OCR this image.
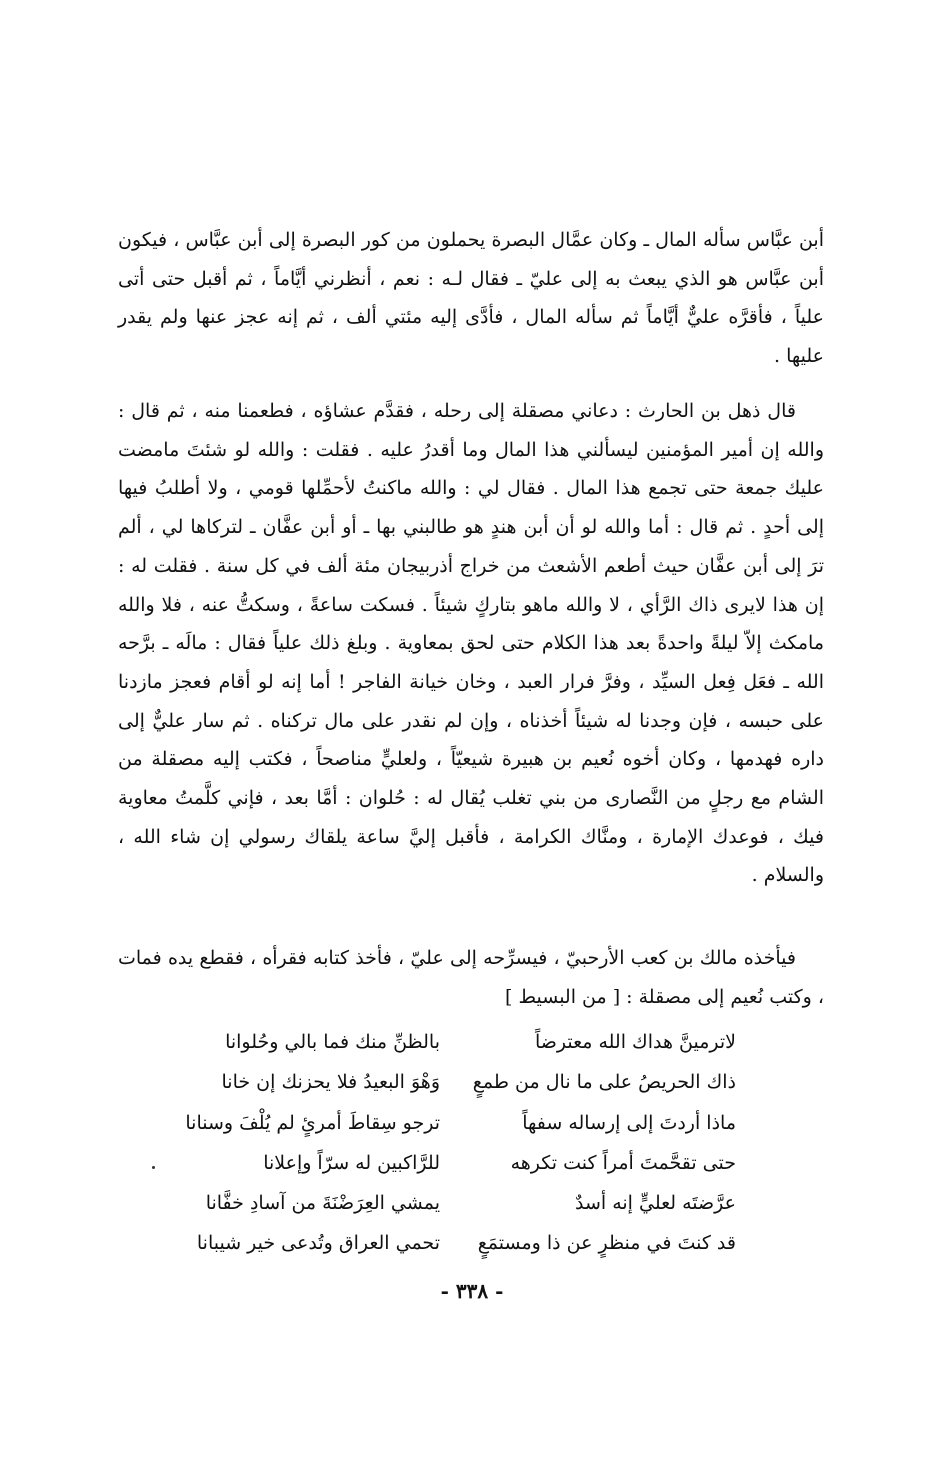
أبن عبَّاس سأله المال ـ وكان عمَّال البصرة يحملون من كور البصرة إلى أبن عبَّاس ، فيكون أبن عبَّاس هو الذي يبعث به إلى عليّ ـ فقال لـه : نعم ، أنظرني أيَّاماً ، ثم أقبل حتى أتى علياً ، فأقرَّه عليٌّ أيَّاماً ثم سأله المال ، فأدَّى إليه مئتي ألف ، ثم إنه عجز عنها ولم يقدر عليها .

قال ذهل بن الحارث : دعاني مصقلة إلى رحله ، فقدَّم عشاؤه ، فطعمنا منه ، ثم قال : والله إن أمير المؤمنين ليسألني هذا المال وما أقدرُ عليه . فقلت : والله لو شئتَ مامضت عليك جمعة حتى تجمع هذا المال . فقال لي : والله ماكنتُ لأحمِّلها قومي ، ولا أطلبُ فيها إلى أحدٍ . ثم قال : أما والله لو أن أبن هندٍ هو طالبني بها ـ أو أبن عفَّان ـ لتركاها لي ، ألم ترَ إلى أبن عفَّان حيث أطعم الأشعث من خراج أذربيجان مئة ألف في كل سنة . فقلت له : إن هذا لايرى ذاك الرَّأي ، لا والله ماهو بتاركٍ شيئاً . فسكت ساعةً ، وسكتُّ عنه ، فلا والله مامكث إلاّ ليلةً واحدةً بعد هذا الكلام حتى لحق بمعاوية . وبلغ ذلك علياً فقال : مالَه ـ برَّحه الله ـ فعَل فِعل السيِّد ، وفرَّ فرار العبد ، وخان خيانة الفاجر ! أما إنه لو أقام فعجز مازدنا على حبسه ، فإن وجدنا له شيئاً أخذناه ، وإن لم نقدر على مال تركناه . ثم سار عليٌّ إلى داره فهدمها ، وكان أخوه نُعيم بن هبيرة شيعيّاً ، ولعليٍّ مناصحاً ، فكتب إليه مصقلة من الشام مع رجلٍ من النَّصارى من بني تغلب يُقال له : حُلوان : أمَّا بعد ، فإني كلَّمتُ معاوية فيك ، فوعدك الإمارة ، ومنَّاك الكرامة ، فأقبل إليَّ ساعة يلقاك رسولي إن شاء الله ، والسلام .

فيأخذه مالك بن كعب الأرحبيّ ، فيسرِّحه إلى عليّ ، فأخذ كتابه فقرأه ، فقطع يده فمات ، وكتب نُعيم إلى مصقلة : [ من البسيط ]

لاترمينَّ هداك الله معترضاً
بالظنِّ منك فما بالي وحُلوانا
ذاك الحريصُ على ما نال من طمعٍ
وَهْوَ البعيدُ فلا يحزنك إن خانا
ماذا أردتَ إلى إرساله سفهاً
ترجو سِقاطَ أمرئٍ لم يُلْفَ وسنانا
حتى تقحَّمتَ أمراً كنت تكرهه
للرَّاكبين له سرّاً وإعلانا
عرَّضتَه لعليٍّ إنه أسدٌ
يمشي العِرَضْنَةَ من آسادِ خفَّانا
قد كنتَ في منظرٍ عن ذا ومستمَعٍ
تحمي العراق وتُدعى خير شيبانا
- ٣٣٨ -
